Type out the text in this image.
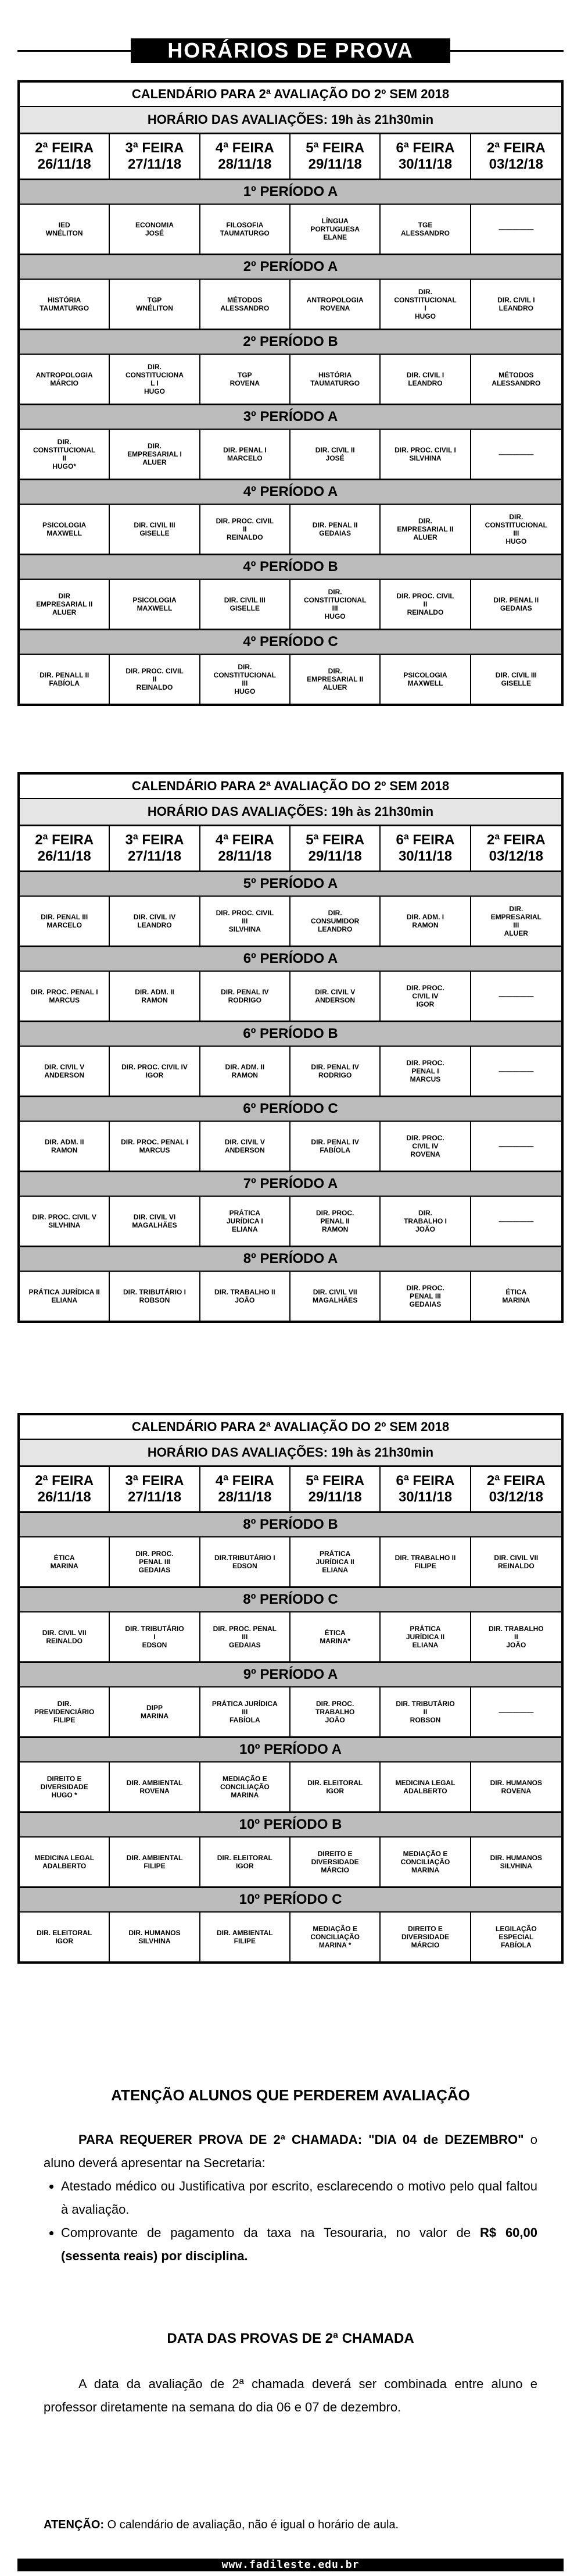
HORÁRIOS DE PROVA
CALENDÁRIO PARA 2ª AVALIAÇÃO DO 2º SEM 2018
HORÁRIO DAS AVALIAÇÕES: 19h às 21h30min
2ª FEIRA
26/11/18
3ª FEIRA
27/11/18
4ª FEIRA
28/11/18
5ª FEIRA
29/11/18
6ª FEIRA
30/11/18
2ª FEIRA
03/12/18
1º PERÍODO A
IED
WNÉLITON
ECONOMIA
JOSÉ
FILOSOFIA
TAUMATURGO
LÍNGUA
PORTUGUESA
ELANE
TGE
ALESSANDRO	—————
2º PERÍODO A
HISTÓRIA
TAUMATURGO
TGP
WNÉLITON
MÉTODOS
ALESSANDRO
ANTROPOLOGIA
ROVENA
DIR.
CONSTITUCIONAL
I
HUGO
DIR. CIVIL I
LEANDRO
2º PERÍODO B
ANTROPOLOGIA
MÁRCIO
DIR.
CONSTITUCIONA
L I
HUGO
TGP
ROVENA
HISTÓRIA
TAUMATURGO
DIR. CIVIL I
LEANDRO
MÉTODOS
ALESSANDRO
3º PERÍODO A
DIR.
CONSTITUCIONAL
II
HUGO*
DIR.
EMPRESARIAL I
ALUER
DIR. PENAL I
MARCELO
DIR. CIVIL II
JOSÉ
DIR. PROC. CIVIL I
SILVHINA	—————
4º PERÍODO A
PSICOLOGIA
MAXWELL
DIR. CIVIL III
GISELLE
DIR. PROC. CIVIL
II
REINALDO
DIR. PENAL II
GEDAIAS
DIR.
EMPRESARIAL II
ALUER
DIR.
CONSTITUCIONAL
III
HUGO
4º PERÍODO B
DIR
EMPRESARIAL II
ALUER
PSICOLOGIA
MAXWELL
DIR. CIVIL III
GISELLE
DIR.
CONSTITUCIONAL
III
HUGO
DIR. PROC. CIVIL
II
REINALDO
DIR. PENAL II
GEDAIAS
4º PERÍODO C
DIR. PENALL II
FABÍOLA
DIR. PROC. CIVIL
II
REINALDO
DIR.
CONSTITUCIONAL
III
HUGO
DIR.
EMPRESARIAL II
ALUER
PSICOLOGIA
MAXWELL
DIR. CIVIL III
GISELLE
CALENDÁRIO PARA 2ª AVALIAÇÃO DO 2º SEM 2018
HORÁRIO DAS AVALIAÇÕES: 19h às 21h30min
2ª FEIRA
26/11/18
3ª FEIRA
27/11/18
4ª FEIRA
28/11/18
5ª FEIRA
29/11/18
6ª FEIRA
30/11/18
2ª FEIRA
03/12/18
5º PERÍODO A
DIR. PENAL III
MARCELO
DIR. CIVIL IV
LEANDRO
DIR. PROC. CIVIL
III
SILVHINA
DIR.
CONSUMIDOR
LEANDRO
DIR. ADM. I
RAMON
DIR.
EMPRESARIAL
III
ALUER
6º PERÍODO A
DIR. PROC. PENAL I
MARCUS
DIR. ADM. II
RAMON
DIR. PENAL IV
RODRIGO
DIR. CIVIL V
ANDERSON
DIR. PROC.
CIVIL IV
IGOR
—————
6º PERÍODO B
DIR. CIVIL V
ANDERSON
DIR. PROC. CIVIL IV
IGOR
DIR. ADM. II
RAMON
DIR. PENAL IV
RODRIGO
DIR. PROC.
PENAL I
MARCUS
—————
6º PERÍODO C
DIR. ADM. II
RAMON
DIR. PROC. PENAL I
MARCUS
DIR. CIVIL V
ANDERSON
DIR. PENAL IV
FABÍOLA
DIR. PROC.
CIVIL IV
ROVENA
—————
7º PERÍODO A
DIR. PROC. CIVIL V
SILVHINA
DIR. CIVIL VI
MAGALHÃES
PRÁTICA
JURÍDICA I
ELIANA
DIR. PROC.
PENAL II
RAMON
DIR.
TRABALHO I
JOÃO
—————
8º PERÍODO A
PRÁTICA JURÍDICA II
ELIANA
DIR. TRIBUTÁRIO I
ROBSON
DIR. TRABALHO II
JOÃO
DIR. CIVIL VII
MAGALHÃES
DIR. PROC.
PENAL III
GEDAIAS
ÉTICA
MARINA
CALENDÁRIO PARA 2ª AVALIAÇÃO DO 2º SEM 2018
HORÁRIO DAS AVALIAÇÕES: 19h às 21h30min
2ª FEIRA
26/11/18
3ª FEIRA
27/11/18
4ª FEIRA
28/11/18
5ª FEIRA
29/11/18
6ª FEIRA
30/11/18
2ª FEIRA
03/12/18
8º PERÍODO B
ÉTICA
MARINA
DIR. PROC.
PENAL III
GEDAIAS
DIR.TRIBUTÁRIO I
EDSON
PRÁTICA
JURÍDICA II
ELIANA
DIR. TRABALHO II
FILIPE
DIR. CIVIL VII
REINALDO
8º PERÍODO C
DIR. CIVIL VII
REINALDO
DIR. TRIBUTÁRIO
I
EDSON
DIR. PROC. PENAL
III
GEDAIAS
ÉTICA
MARINA*
PRÁTICA
JURÍDICA II
ELIANA
DIR. TRABALHO
II
JOÃO
9º PERÍODO A
DIR.
PREVIDENCIÁRIO
FILIPE
DIPP
MARINA
PRÁTICA JURÍDICA
III
FABÍOLA
DIR. PROC.
TRABALHO
JOÃO
DIR. TRIBUTÁRIO
II
ROBSON
—————
10º PERÍODO A
DIREITO E
DIVERSIDADE
HUGO *
DIR. AMBIENTAL
ROVENA
MEDIAÇÃO E
CONCILIAÇÃO
MARINA
DIR. ELEITORAL
IGOR
MEDICINA LEGAL
ADALBERTO
DIR. HUMANOS
ROVENA
10º PERÍODO B
MEDICINA LEGAL
ADALBERTO
DIR. AMBIENTAL
FILIPE
DIR. ELEITORAL
IGOR
DIREITO E
DIVERSIDADE
MÁRCIO
MEDIAÇÃO E
CONCILIAÇÃO
MARINA
DIR. HUMANOS
SILVHINA
10º PERÍODO C
DIR. ELEITORAL
IGOR
DIR. HUMANOS
SILVHINA
DIR. AMBIENTAL
FILIPE
MEDIAÇÃO E
CONCILIAÇÃO
MARINA *
DIREITO E
DIVERSIDADE
MÁRCIO
LEGILAÇÃO
ESPECIAL
FABÍOLA
ATENÇÃO ALUNOS QUE PERDEREM AVALIAÇÃO
PARA REQUERER PROVA DE 2ª CHAMADA: "DIA 04 de DEZEMBRO" o aluno deverá apresentar na Secretaria:
• Atestado médico ou Justificativa por escrito, esclarecendo o motivo pelo qual faltou à avaliação.
• Comprovante de pagamento da taxa na Tesouraria, no valor de R$ 60,00 (sessenta reais) por disciplina.
DATA DAS PROVAS DE 2ª CHAMADA
A data da avaliação de 2ª chamada deverá ser combinada entre aluno e professor diretamente na semana do dia 06 e 07 de dezembro.
ATENÇÃO: O calendário de avaliação, não é igual o horário de aula.
www.fadileste.edu.br
